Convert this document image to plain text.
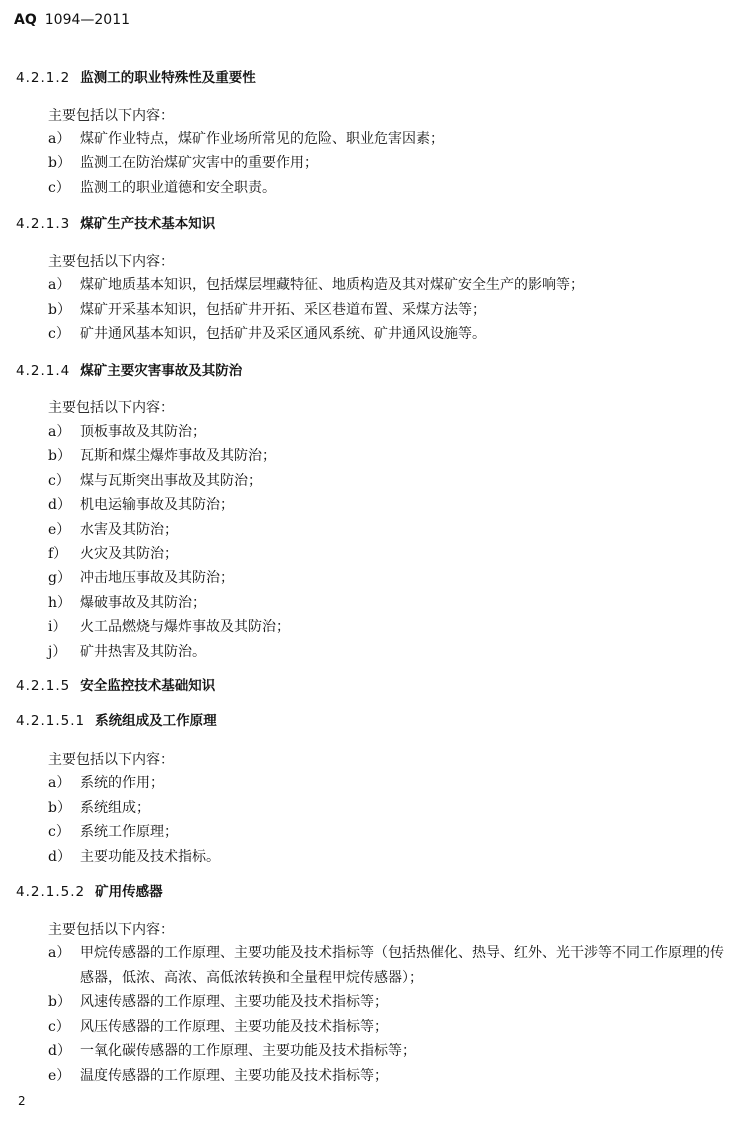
AQ 1094—2011
4.2.1.2 监测工的职业特殊性及重要性
主要包括以下内容：
a） 煤矿作业特点，煤矿作业场所常见的危险、职业危害因素；
b） 监测工在防治煤矿灾害中的重要作用；
c） 监测工的职业道德和安全职责。
4.2.1.3 煤矿生产技术基本知识
主要包括以下内容：
a） 煤矿地质基本知识，包括煤层埋藏特征、地质构造及其对煤矿安全生产的影响等；
b） 煤矿开采基本知识，包括矿井开拓、采区巷道布置、采煤方法等；
c） 矿井通风基本知识，包括矿井及采区通风系统、矿井通风设施等。
4.2.1.4 煤矿主要灾害事故及其防治
主要包括以下内容：
a） 顶板事故及其防治；
b） 瓦斯和煤尘爆炸事故及其防治；
c） 煤与瓦斯突出事故及其防治；
d） 机电运输事故及其防治；
e） 水害及其防治；
f） 火灾及其防治；
g） 冲击地压事故及其防治；
h） 爆破事故及其防治；
i） 火工品燃烧与爆炸事故及其防治；
j） 矿井热害及其防治。
4.2.1.5 安全监控技术基础知识
4.2.1.5.1 系统组成及工作原理
主要包括以下内容：
a） 系统的作用；
b） 系统组成；
c） 系统工作原理；
d） 主要功能及技术指标。
4.2.1.5.2 矿用传感器
主要包括以下内容：
a） 甲烷传感器的工作原理、主要功能及技术指标等（包括热催化、热导、红外、光干涉等不同工作原理的传感器，低浓、高浓、高低浓转换和全量程甲烷传感器）；
b） 风速传感器的工作原理、主要功能及技术指标等；
c） 风压传感器的工作原理、主要功能及技术指标等；
d） 一氧化碳传感器的工作原理、主要功能及技术指标等；
e） 温度传感器的工作原理、主要功能及技术指标等；
2
